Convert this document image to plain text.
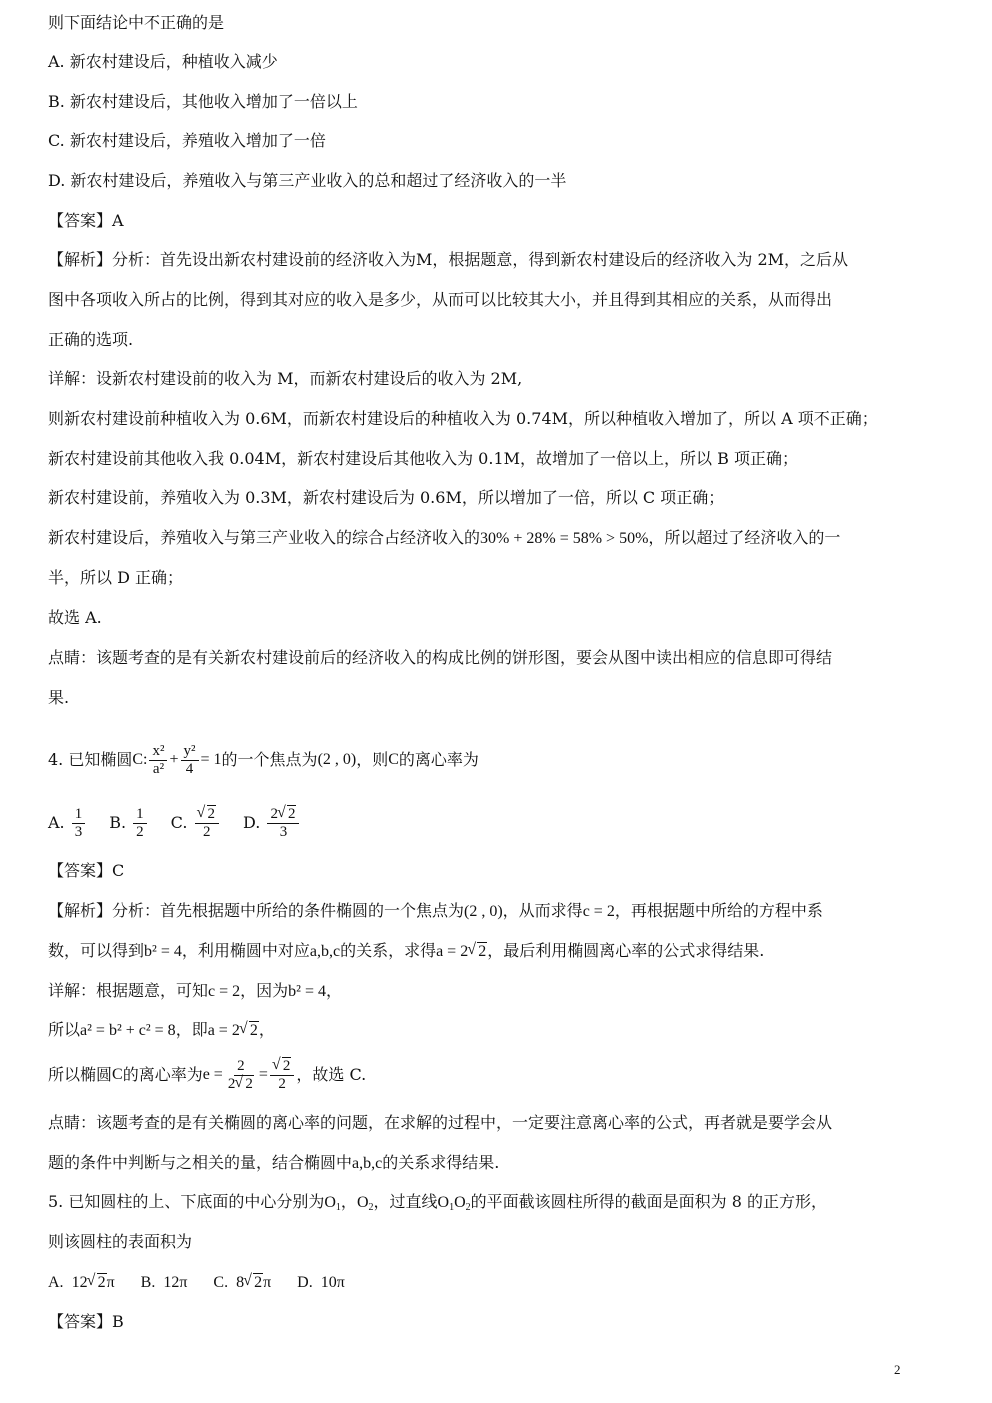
则下面结论中不正确的是
A. 新农村建设后，种植收入减少
B. 新农村建设后，其他收入增加了一倍以上
C. 新农村建设后，养殖收入增加了一倍
D. 新农村建设后，养殖收入与第三产业收入的总和超过了经济收入的一半
【答案】A
【解析】分析：首先设出新农村建设前的经济收入为M，根据题意，得到新农村建设后的经济收入为 2M，之后从
图中各项收入所占的比例，得到其对应的收入是多少，从而可以比较其大小，并且得到其相应的关系，从而得出
正确的选项.
详解：设新农村建设前的收入为 M，而新农村建设后的收入为 2M,
则新农村建设前种植收入为 0.6M，而新农村建设后的种植收入为 0.74M，所以种植收入增加了，所以 A 项不正确；
新农村建设前其他收入我 0.04M，新农村建设后其他收入为 0.1M，故增加了一倍以上，所以 B 项正确；
新农村建设前，养殖收入为 0.3M，新农村建设后为 0.6M，所以增加了一倍，所以 C 项正确；
新农村建设后，养殖收入与第三产业收入的综合占经济收入的30% + 28% = 58% > 50%，所以超过了经济收入的一
半，所以 D 正确；
故选 A.
点睛：该题考查的是有关新农村建设前后的经济收入的构成比例的饼形图，要会从图中读出相应的信息即可得结
果.
4. 已知椭圆 C: $\frac{\text{x²}}{\text{a²}} + \frac{\text{y²}}{4} = 1$ 的一个焦点为 (2 , 0) ，则 C 的离心率为
A. $\frac{1}{3} B$. $\frac{1}{2} C$. √ $\frac{2}{2} D$. $\frac{2 √ 2}{3}$
【答案】C
【解析】分析：首先根据题中所给的条件椭圆的一个焦点为(2 , 0)，从而求得c = 2，再根据题中所给的方程中系
数，可以得到b² = 4，利用椭圆中对应a,b,c的关系，求得a = 2 √ 2，最后利用椭圆离心率的公式求得结果.
详解：根据题意，可知c = 2，因为b² = 4，
所以a² = b² + c² = 8，即a = 2 √ 2，
所以椭圆 C 的离心率为 $e = \frac{2}{2 √ 2}$ = √ $\frac{2}{2}$ ，故选 C.
点睛：该题考查的是有关椭圆的离心率的问题，在求解的过程中，一定要注意离心率的公式，再者就是要学会从
题的条件中判断与之相关的量，结合椭圆中a,b,c的关系求得结果.
5. 已知圆柱的上、下底面的中心分别为$O_1$，$O_2$，过直线$O_1O_2$的平面截该圆柱所得的截面是面积为 8 的正方形，
则该圆柱的表面积为
A. 12 √ 2π B. 12π C. 8 √ 2π D. 10π
【答案】B
2
